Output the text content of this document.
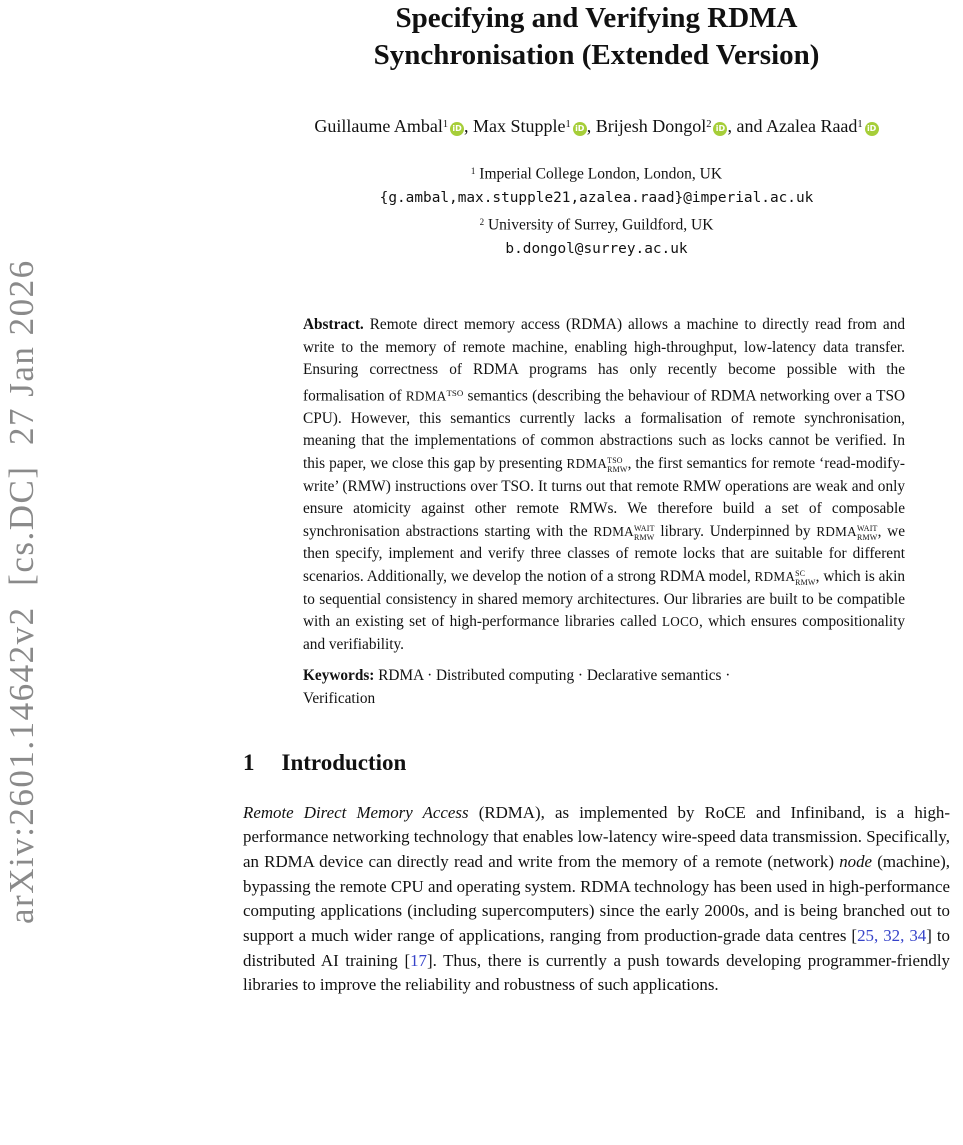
arXiv:2601.14642v2  [cs.DC]  27 Jan 2026
Specifying and Verifying RDMA
Synchronisation (Extended Version)
Guillaume Ambal$^1$ iD , Max Stupple$^1$ iD , Brijesh Dongol$^2$ iD , and Azalea Raad$^1$ iD
$^1$ Imperial College London, London, UK
{g.ambal,max.stupple21,azalea.raad}@imperial.ac.uk
$^2$ University of Surrey, Guildford, UK
b.dongol@surrey.ac.uk
Abstract. Remote direct memory access (RDMA) allows a machine to directly read from and write to the memory of remote machine, enabling high-throughput, low-latency data transfer. Ensuring correctness of RDMA programs has only recently become possible with the formalisation of $RDMA^{TSO}$ semantics (describing the behaviour of RDMA networking over a TSO CPU). However, this semantics currently lacks a formalisation of remote synchronisation, meaning that the implementations of common abstractions such as locks cannot be verified. In this paper, we close this gap by presenting RDMA TSO
RMW , the first semantics for remote ‘read-modify-write’ (RMW) instructions over TSO. It turns out that remote RMW operations are weak and only ensure atomicity against other remote RMWs. We therefore build a set of composable synchronisation abstractions starting with the RDMA WAIT
RMW library. Underpinned by RDMA WAIT
RMW , we then specify, implement and verify three classes of remote locks that are suitable for different scenarios. Additionally, we develop the notion of a strong RDMA model, RDMA SC
RMW , which is akin to sequential consistency in shared memory architectures. Our libraries are built to be compatible with an existing set of high-performance libraries called LOCO, which ensures compositionality and verifiability.
Keywords: RDMA · Distributed computing · Declarative semantics ·
Verification
1 Introduction
Remote Direct Memory Access (RDMA), as implemented by RoCE and Infiniband, is a high-performance networking technology that enables low-latency wire-speed data transmission. Specifically, an RDMA device can directly read and write from the memory of a remote (network) node (machine), bypassing the remote CPU and operating system. RDMA technology has been used in high-performance computing applications (including supercomputers) since the early 2000s, and is being branched out to support a much wider range of applications, ranging from production-grade data centres [25, 32, 34] to distributed AI training [17]. Thus, there is currently a push towards developing programmer-friendly libraries to improve the reliability and robustness of such applications.
